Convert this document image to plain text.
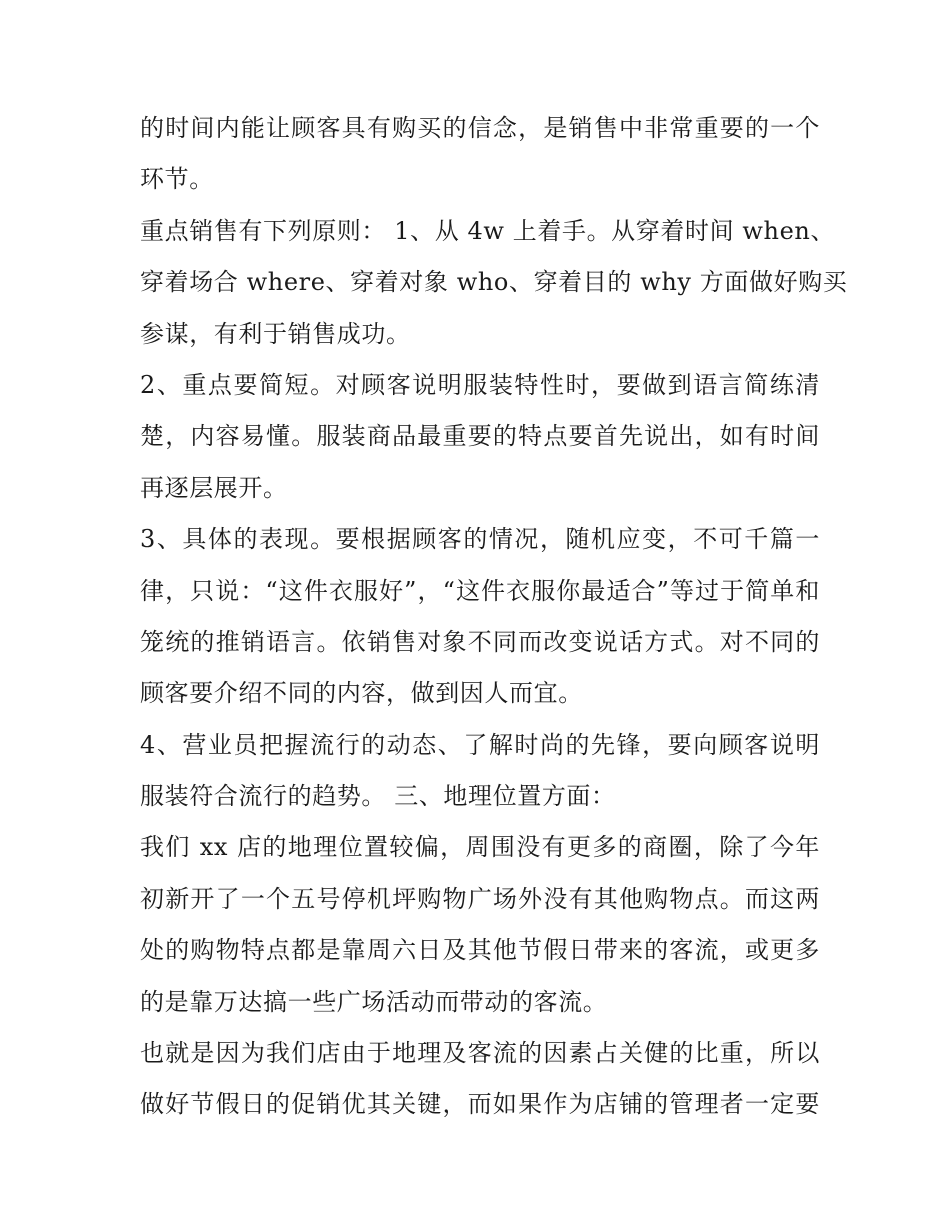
的时间内能让顾客具有购买的信念，是销售中非常重要的一个
环节。
重点销售有下列原则： 1、从 4w 上着手。从穿着时间 when、
穿着场合 where、穿着对象 who、穿着目的 why 方面做好购买
参谋，有利于销售成功。
2、重点要简短。对顾客说明服装特性时，要做到语言简练清
楚，内容易懂。服装商品最重要的特点要首先说出，如有时间
再逐层展开。
3、具体的表现。要根据顾客的情况，随机应变，不可千篇一
律，只说：“这件衣服好”，“这件衣服你最适合”等过于简单和
笼统的推销语言。依销售对象不同而改变说话方式。对不同的
顾客要介绍不同的内容，做到因人而宜。
4、营业员把握流行的动态、了解时尚的先锋，要向顾客说明
服装符合流行的趋势。 三、地理位置方面：
我们 xx 店的地理位置较偏，周围没有更多的商圈，除了今年
初新开了一个五号停机坪购物广场外没有其他购物点。而这两
处的购物特点都是靠周六日及其他节假日带来的客流，或更多
的是靠万达搞一些广场活动而带动的客流。
也就是因为我们店由于地理及客流的因素占关健的比重，所以
做好节假日的促销优其关键，而如果作为店铺的管理者一定要
